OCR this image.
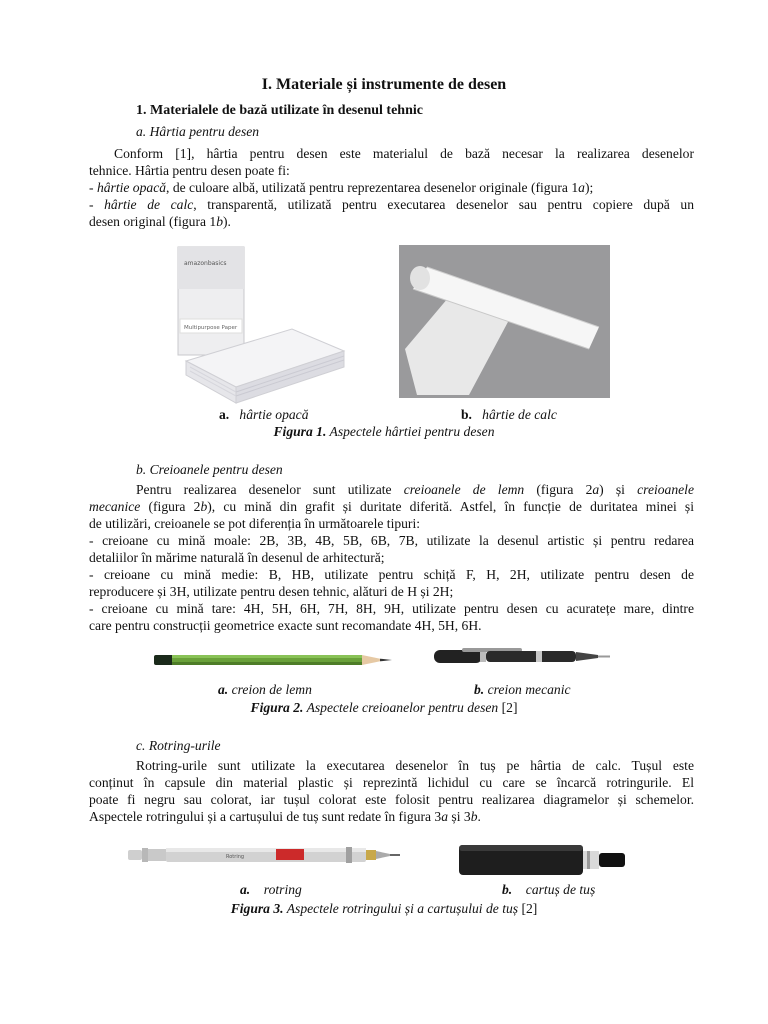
I. Materiale și instrumente de desen
1. Materialele de bază utilizate în desenul tehnic
a. Hârtia pentru desen
Conform [1], hârtia pentru desen este materialul de bază necesar la realizarea desenelor
tehnice. Hârtia pentru desen poate fi:
- hârtie opacă, de culoare albă, utilizată pentru reprezentarea desenelor originale (figura 1a);
- hârtie de calc, transparentă, utilizată pentru executarea desenelor sau pentru copiere după un
desen original (figura 1b).
amazonbasics
Multipurpose Paper
a. hârtie opacă	b. hârtie de calc
Figura 1. Aspectele hârtiei pentru desen
b. Creioanele pentru desen
Pentru realizarea desenelor sunt utilizate creioanele de lemn (figura 2a) și creioanele
mecanice (figura 2b), cu mină din grafit și duritate diferită. Astfel, în funcție de duritatea minei și
de utilizări, creioanele se pot diferenția în următoarele tipuri:
- creioane cu mină moale: 2B, 3B, 4B, 5B, 6B, 7B, utilizate la desenul artistic și pentru redarea
detaliilor în mărime naturală în desenul de arhitectură;
- creioane cu mină medie: B, HB, utilizate pentru schiță F, H, 2H, utilizate pentru desen de
reproducere și 3H, utilizate pentru desen tehnic, alături de H și 2H;
- creioane cu mină tare: 4H, 5H, 6H, 7H, 8H, 9H, utilizate pentru desen cu acuratețe mare, dintre
care pentru construcții geometrice exacte sunt recomandate 4H, 5H, 6H.
a. creion de lemn	b. creion mecanic
Figura 2. Aspectele creioanelor pentru desen [2]
c. Rotring-urile
Rotring-urile sunt utilizate la executarea desenelor în tuș pe hârtia de calc. Tușul este
conținut în capsule din material plastic și reprezintă lichidul cu care se încarcă rotringurile. El
poate fi negru sau colorat, iar tușul colorat este folosit pentru realizarea diagramelor și schemelor.
Aspectele rotringului și a cartușului de tuș sunt redate în figura 3a și 3b.
Rotring
a. rotring	b. cartuș de tuș
Figura 3. Aspectele rotringului și a cartușului de tuș [2]
